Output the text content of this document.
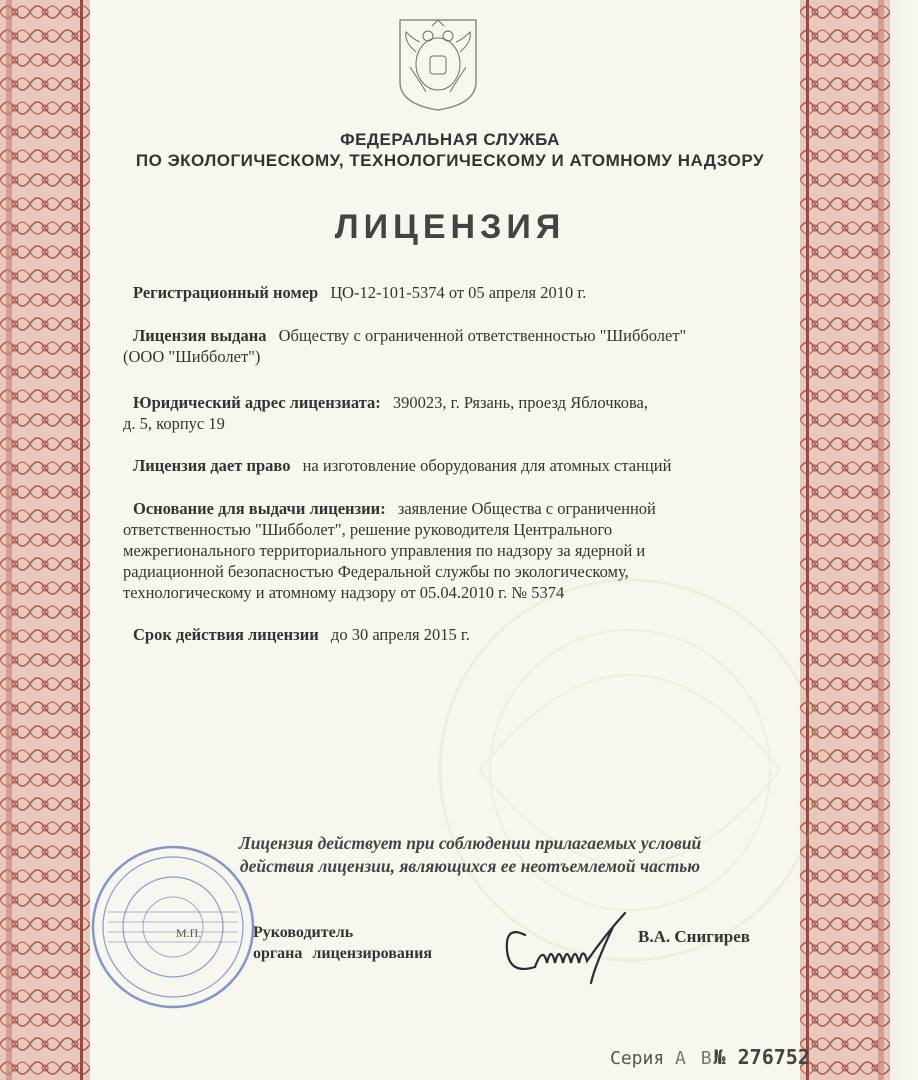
ФЕДЕРАЛЬНАЯ СЛУЖБА
ПО ЭКОЛОГИЧЕСКОМУ, ТЕХНОЛОГИЧЕСКОМУ И АТОМНОМУ НАДЗОРУ
ЛИЦЕНЗИЯ
Регистрационный номер ЦО-12-101-5374 от 05 апреля 2010 г.
Лицензия выдана Обществу с ограниченной ответственностью "Шибболет"
(ООО "Шибболет")
Юридический адрес лицензиата: 390023, г. Рязань, проезд Яблочкова,
д. 5, корпус 19
Лицензия дает право на изготовление оборудования для атомных станций
Основание для выдачи лицензии: заявление Общества с ограниченной
ответственностью "Шибболет", решение руководителя Центрального
межрегионального территориального управления по надзору за ядерной и
радиационной безопасностью Федеральной службы по экологическому,
технологическому и атомному надзору от 05.04.2010 г. № 5374
Срок действия лицензии до 30 апреля 2015 г.
Лицензия действует при соблюдении прилагаемых условий
действия лицензии, являющихся ее неотъемлемой частью
М.П.	Руководитель
органа лицензирования
В.А. Снигирев
Серия А В№ 276752
